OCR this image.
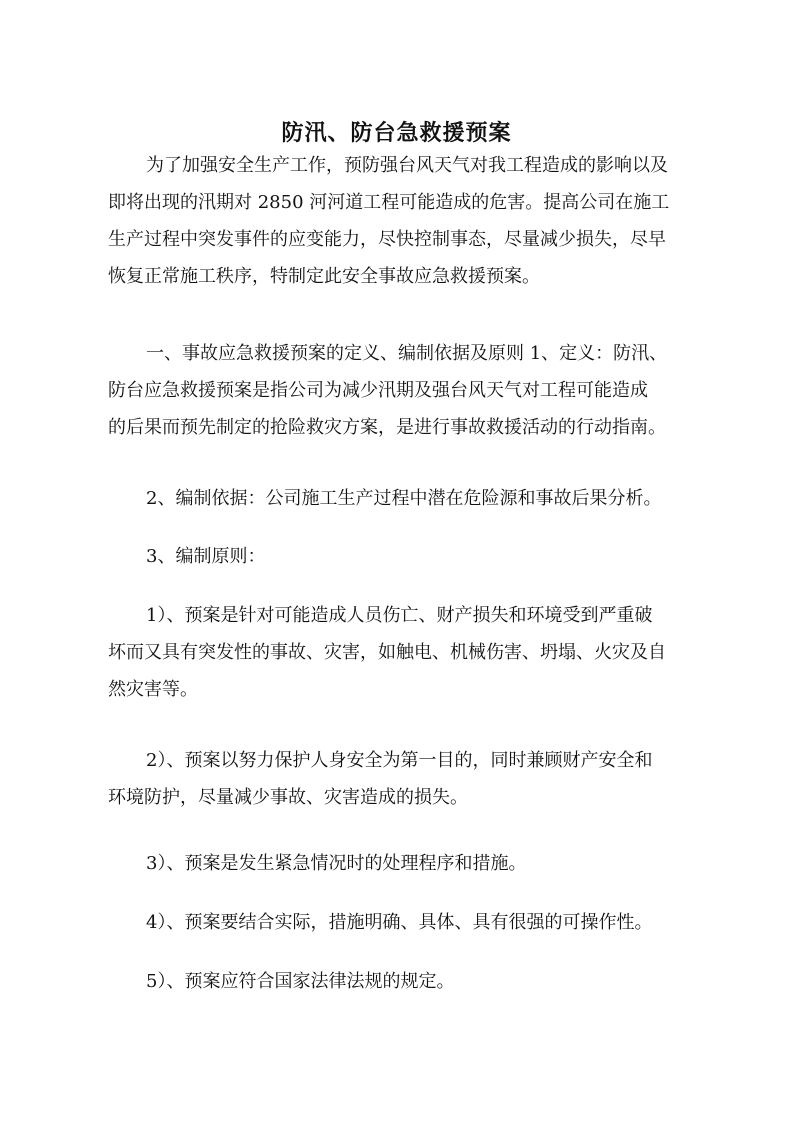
防汛、防台急救援预案
为了加强安全生产工作，预防强台风天气对我工程造成的影响以及
即将出现的汛期对 2850 河河道工程可能造成的危害。提高公司在施工
生产过程中突发事件的应变能力，尽快控制事态，尽量减少损失，尽早
恢复正常施工秩序，特制定此安全事故应急救援预案。
一、事故应急救援预案的定义、编制依据及原则 1、定义：防汛、
防台应急救援预案是指公司为减少汛期及强台风天气对工程可能造成
的后果而预先制定的抢险救灾方案，是进行事故救援活动的行动指南。
2、编制依据：公司施工生产过程中潜在危险源和事故后果分析。
3、编制原则：
1）、预案是针对可能造成人员伤亡、财产损失和环境受到严重破
坏而又具有突发性的事故、灾害，如触电、机械伤害、坍塌、火灾及自
然灾害等。
2）、预案以努力保护人身安全为第一目的，同时兼顾财产安全和
环境防护，尽量减少事故、灾害造成的损失。
3）、预案是发生紧急情况时的处理程序和措施。
4）、预案要结合实际，措施明确、具体、具有很强的可操作性。
5）、预案应符合国家法律法规的规定。
